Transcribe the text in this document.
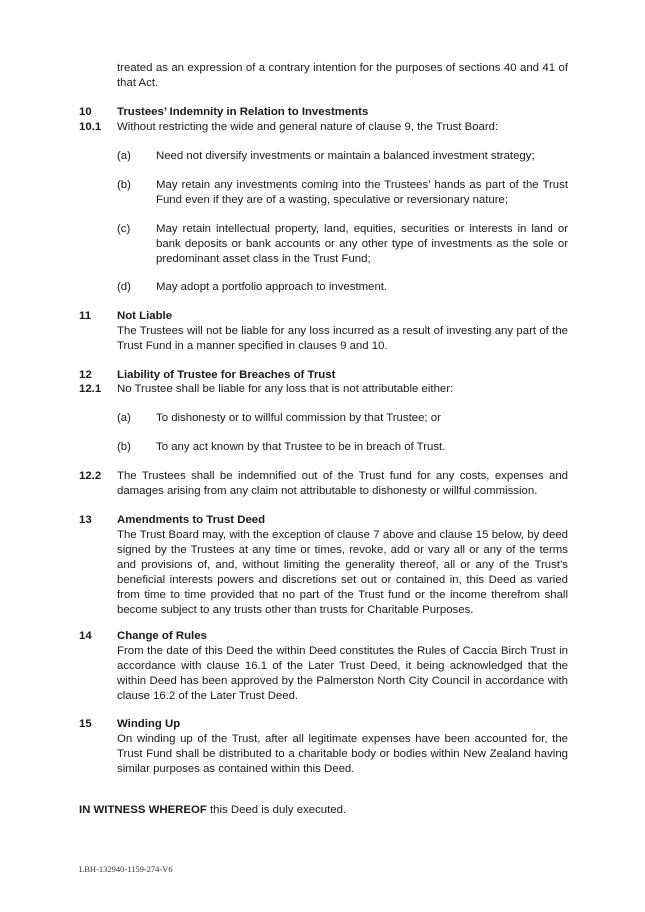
treated as an expression of a contrary intention for the purposes of sections 40 and 41 of that Act.
10 Trustees’ Indemnity in Relation to Investments
10.1 Without restricting the wide and general nature of clause 9, the Trust Board:
(a) Need not diversify investments or maintain a balanced investment strategy;
(b) May retain any investments coming into the Trustees’ hands as part of the Trust Fund even if they are of a wasting, speculative or reversionary nature;
(c) May retain intellectual property, land, equities, securities or interests in land or bank deposits or bank accounts or any other type of investments as the sole or predominant asset class in the Trust Fund;
(d) May adopt a portfolio approach to investment.
11 Not Liable
The Trustees will not be liable for any loss incurred as a result of investing any part of the Trust Fund in a manner specified in clauses 9 and 10.
12 Liability of Trustee for Breaches of Trust
12.1 No Trustee shall be liable for any loss that is not attributable either:
(a) To dishonesty or to willful commission by that Trustee; or
(b) To any act known by that Trustee to be in breach of Trust.
12.2 The Trustees shall be indemnified out of the Trust fund for any costs, expenses and damages arising from any claim not attributable to dishonesty or willful commission.
13 Amendments to Trust Deed
The Trust Board may, with the exception of clause 7 above and clause 15 below, by deed signed by the Trustees at any time or times, revoke, add or vary all or any of the terms and provisions of, and, without limiting the generality thereof, all or any of the Trust’s beneficial interests powers and discretions set out or contained in, this Deed as varied from time to time provided that no part of the Trust fund or the income therefrom shall become subject to any trusts other than trusts for Charitable Purposes.
14 Change of Rules
From the date of this Deed the within Deed constitutes the Rules of Caccia Birch Trust in accordance with clause 16.1 of the Later Trust Deed, it being acknowledged that the within Deed has been approved by the Palmerston North City Council in accordance with clause 16.2 of the Later Trust Deed.
15 Winding Up
On winding up of the Trust, after all legitimate expenses have been accounted for, the Trust Fund shall be distributed to a charitable body or bodies within New Zealand having similar purposes as contained within this Deed.
IN WITNESS WHEREOF this Deed is duly executed.
LBH-132940-1159-274-V6
